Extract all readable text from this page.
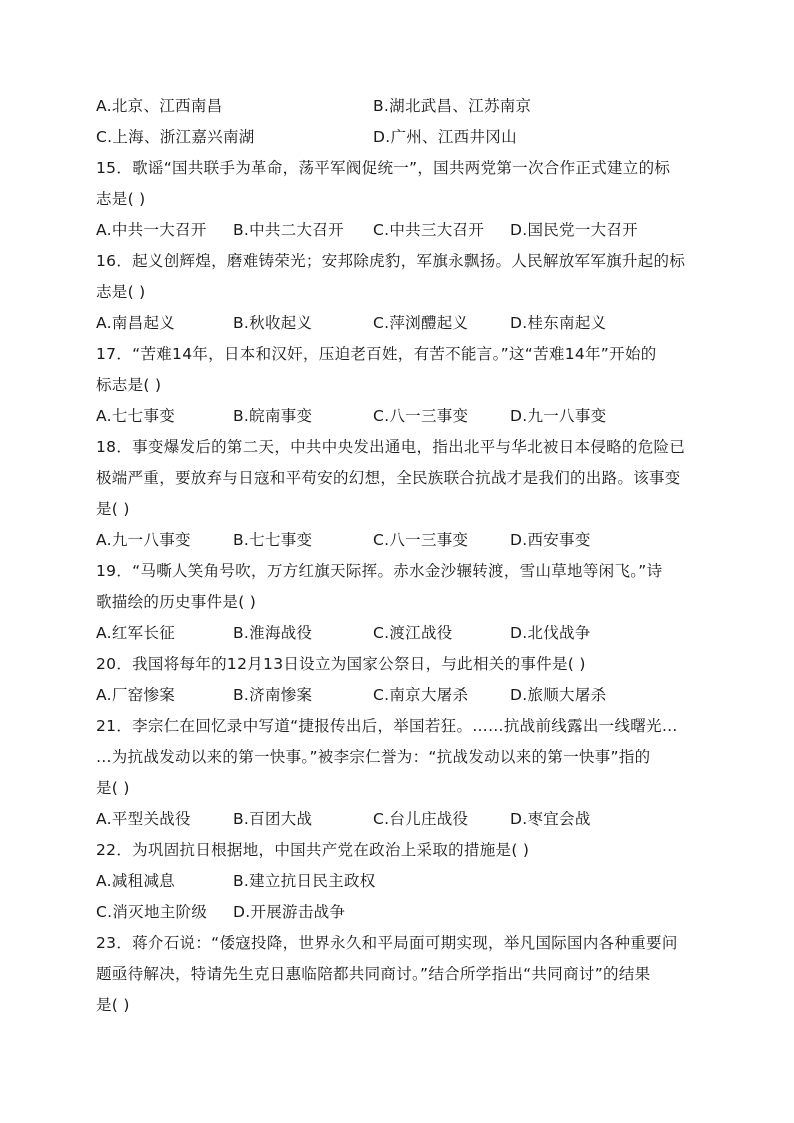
A.北京、江西南昌	B.湖北武昌、江苏南京
C.上海、浙江嘉兴南湖	D.广州、江西井冈山
15．歌谣“国共联手为革命，荡平军阀促统一”，国共两党第一次合作正式建立的标
志是( )
A.中共一大召开 B.中共二大召开 C.中共三大召开 D.国民党一大召开
16．起义创辉煌，磨难铸荣光；安邦除虎豹，军旗永飘扬。人民解放军军旗升起的标
志是( )
A.南昌起义	B.秋收起义	C.萍浏醴起义	D.桂东南起义
17．“苦难14年，日本和汉奸，压迫老百姓，有苦不能言。”这“苦难14年”开始的
标志是( )
A.七七事变	B.皖南事变	C.八一三事变	D.九一八事变
18．事变爆发后的第二天，中共中央发出通电，指出北平与华北被日本侵略的危险已
极端严重，要放弃与日寇和平苟安的幻想，全民族联合抗战才是我们的出路。该事变
是( )
A.九一八事变	B.七七事变	C.八一三事变	D.西安事变
19．“马嘶人笑角号吹，万方红旗天际挥。赤水金沙辗转渡，雪山草地等闲飞。”诗
歌描绘的历史事件是( )
A.红军长征	B.淮海战役	C.渡江战役	D.北伐战争
20．我国将每年的12月13日设立为国家公祭日，与此相关的事件是( )
A.厂窑惨案	B.济南惨案	C.南京大屠杀	D.旅顺大屠杀
21．李宗仁在回忆录中写道“捷报传出后，举国若狂。……抗战前线露出一线曙光…
…为抗战发动以来的第一快事。”被李宗仁誉为：“抗战发动以来的第一快事”指的
是( )
A.平型关战役	B.百团大战	C.台儿庄战役	D.枣宜会战
22．为巩固抗日根据地，中国共产党在政治上采取的措施是( )
A.减租减息	B.建立抗日民主政权
C.消灭地主阶级 D.开展游击战争
23．蒋介石说：“倭寇投降，世界永久和平局面可期实现，举凡国际国内各种重要问
题亟待解决，特请先生克日惠临陪都共同商讨。”结合所学指出“共同商讨”的结果
是( )
